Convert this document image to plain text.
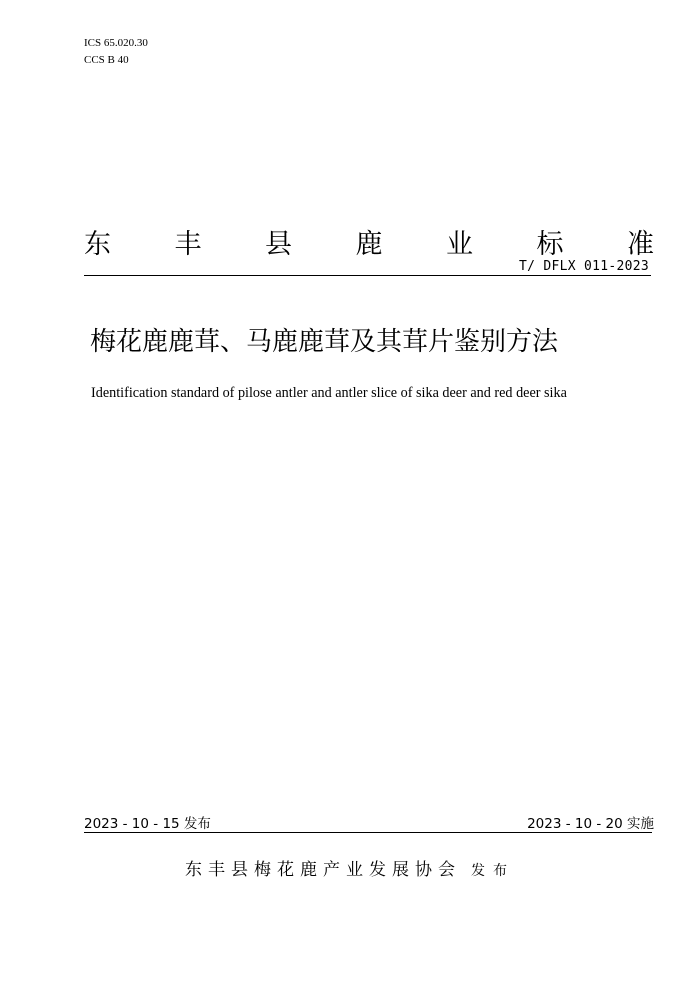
ICS 65.020.30
CCS B 40
东 丰 县 鹿 业 标 准
T/ DFLX 011-2023
梅花鹿鹿茸、马鹿鹿茸及其茸片鉴别方法
Identification standard of pilose antler and antler slice of sika deer and red deer sika
2023 - 10 - 15 发布	2023 - 10 - 20 实施
东丰县梅花鹿产业发展协会 发布
